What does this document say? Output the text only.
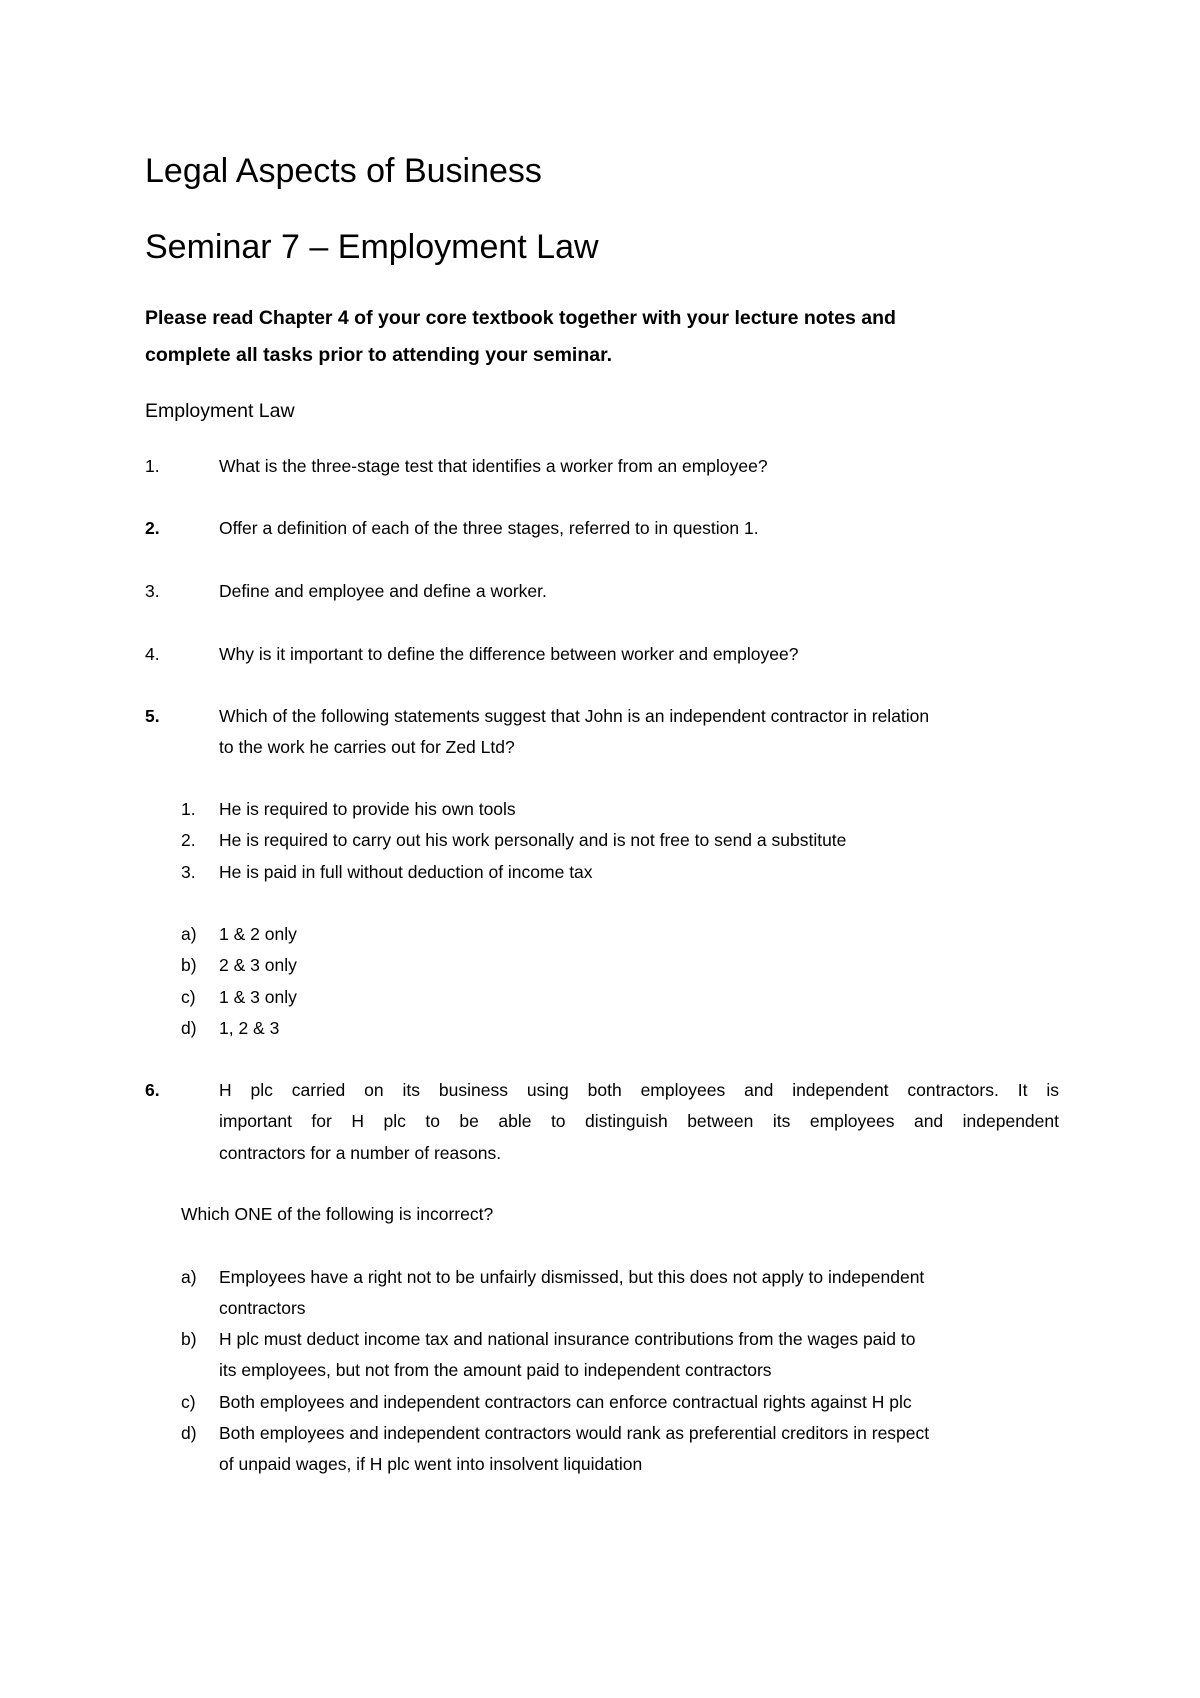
Legal Aspects of Business
Seminar 7 – Employment Law
Please read Chapter 4 of your core textbook together with your lecture notes and
complete all tasks prior to attending your seminar.
Employment Law
1.	What is the three-stage test that identifies a worker from an employee?
2.	Offer a definition of each of the three stages, referred to in question 1.
3.	Define and employee and define a worker.
4.	Why is it important to define the difference between worker and employee?
5.	Which of the following statements suggest that John is an independent contractor in relation
to the work he carries out for Zed Ltd?
1. He is required to provide his own tools
2. He is required to carry out his work personally and is not free to send a substitute
3. He is paid in full without deduction of income tax
a) 1 & 2 only
b) 2 & 3 only
c) 1 & 3 only
d) 1, 2 & 3
6.	H plc carried on its business using both employees and independent contractors. It is
important for H plc to be able to distinguish between its employees and independent
contractors for a number of reasons.
Which ONE of the following is incorrect?
a) Employees have a right not to be unfairly dismissed, but this does not apply to independent
contractors
b) H plc must deduct income tax and national insurance contributions from the wages paid to
its employees, but not from the amount paid to independent contractors
c) Both employees and independent contractors can enforce contractual rights against H plc
d) Both employees and independent contractors would rank as preferential creditors in respect
of unpaid wages, if H plc went into insolvent liquidation
